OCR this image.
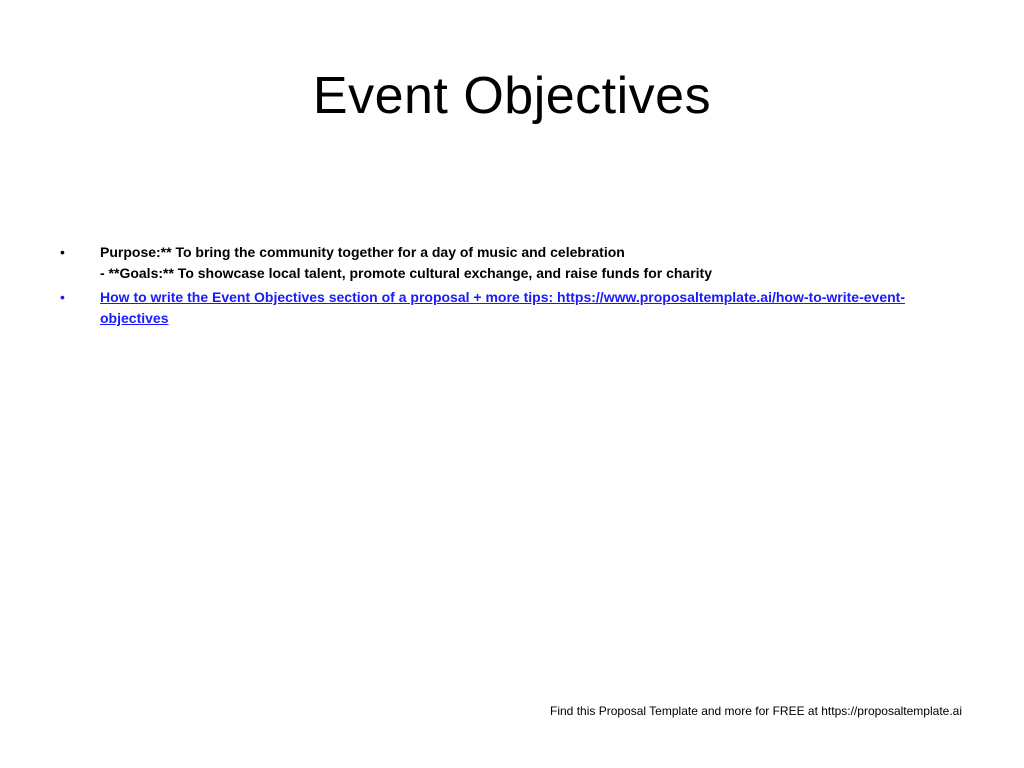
Event Objectives
•	Purpose:** To bring the community together for a day of music and celebration
- **Goals:** To showcase local talent, promote cultural exchange, and raise funds for charity
•	How to write the Event Objectives section of a proposal + more tips: https://www.proposaltemplate.ai/how-to-write-event-objectives
Find this Proposal Template and more for FREE at https://proposaltemplate.ai
